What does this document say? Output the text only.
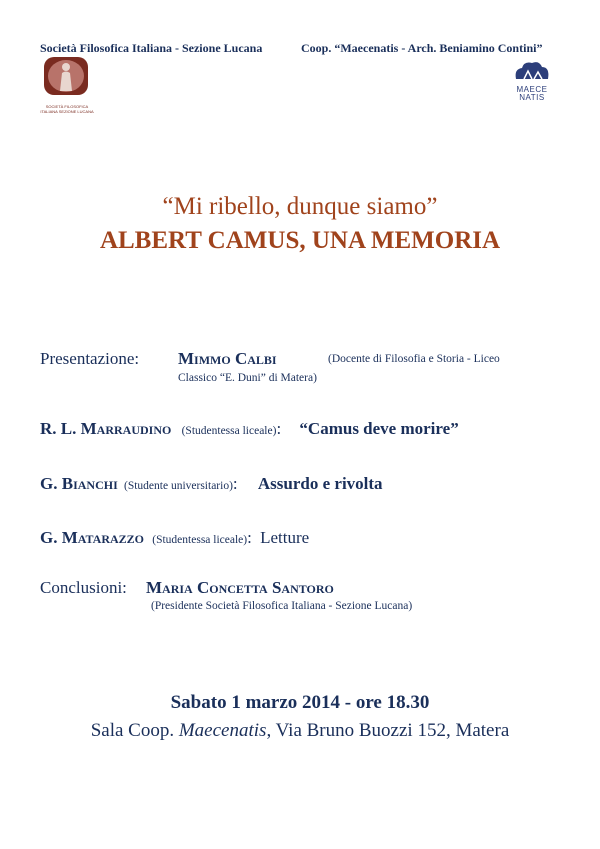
Società Filosofica Italiana - Sezione Lucana	Coop. “Maecenatis - Arch. Beniamino Contini”
SOCIETÀ FILOSOFICA ITALIANA SEZIONE LUCANA
MAECE NATIS
“Mi ribello, dunque siamo”
ALBERT CAMUS, UNA MEMORIA
Presentazione: Mimmo Calbi	(Docente di Filosofia e Storia - Liceo
Classico “E. Duni” di Matera)
R. L. Marraudino (Studentessa liceale): “Camus deve morire”
G. Bianchi (Studente universitario): Assurdo e rivolta
G. Matarazzo (Studentessa liceale): Letture
Conclusioni: Maria Concetta Santoro
(Presidente Società Filosofica Italiana - Sezione Lucana)
Sabato 1 marzo 2014 - ore 18.30
Sala Coop. Maecenatis, Via Bruno Buozzi 152, Matera
